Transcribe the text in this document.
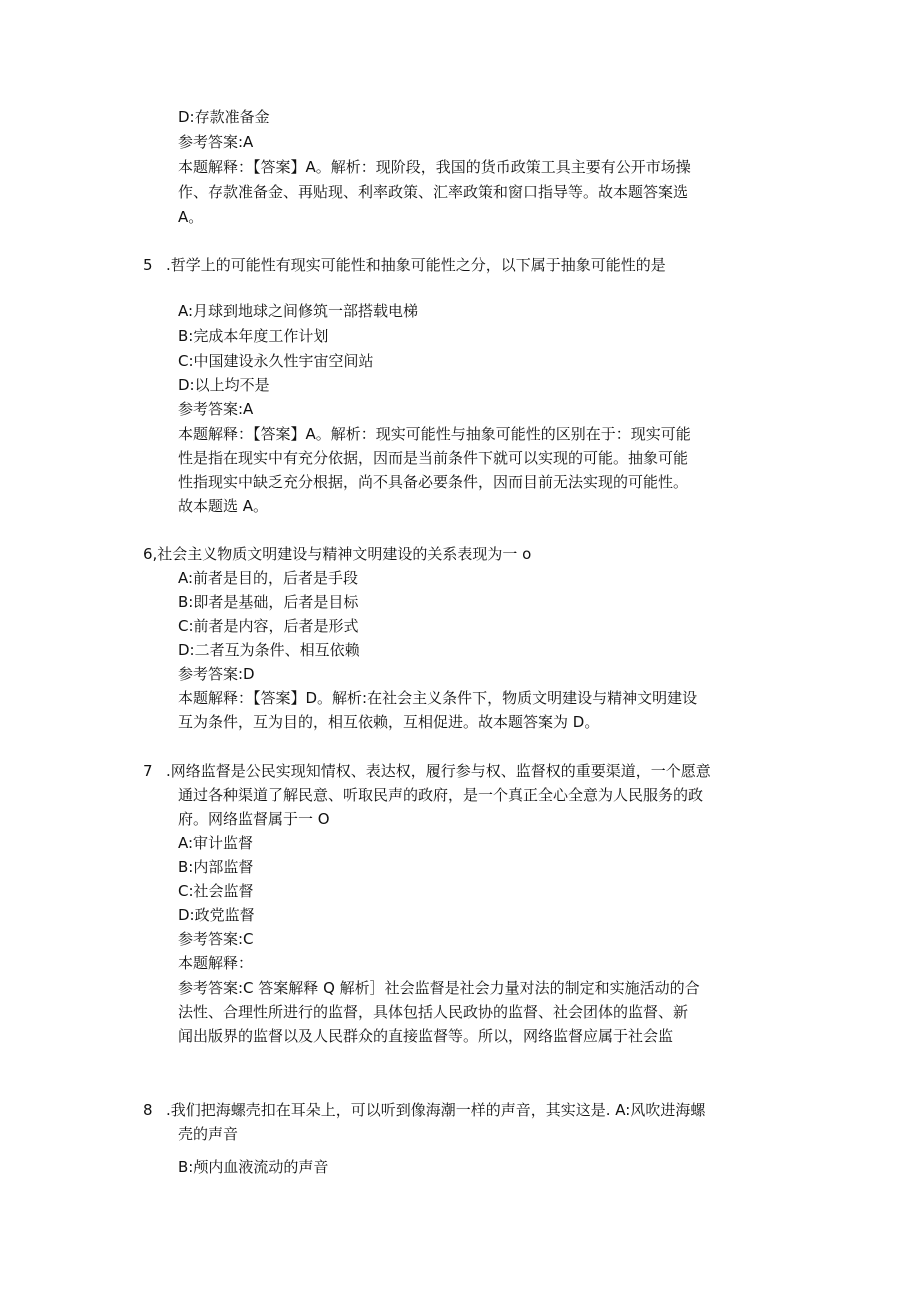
D:存款准备金
参考答案:A
本题解释：【答案】A。解析：现阶段，我国的货币政策工具主要有公开市场操
作、存款准备金、再贴现、利率政策、汇率政策和窗口指导等。故本题答案选
A。
5 .哲学上的可能性有现实可能性和抽象可能性之分，以下属于抽象可能性的是
A:月球到地球之间修筑一部搭载电梯
B:完成本年度工作计划
C:中国建设永久性宇宙空间站
D:以上均不是
参考答案:A
本题解释：【答案】A。解析：现实可能性与抽象可能性的区别在于：现实可能
性是指在现实中有充分依据，因而是当前条件下就可以实现的可能。抽象可能
性指现实中缺乏充分根据，尚不具备必要条件，因而目前无法实现的可能性。
故本题选 A。
6,社会主义物质文明建设与精神文明建设的关系表现为一 o
A:前者是目的，后者是手段
B:即者是基础，后者是目标
C:前者是内容，后者是形式
D:二者互为条件、相互依赖
参考答案:D
本题解释：【答案】D。解析:在社会主义条件下，物质文明建设与精神文明建设
互为条件，互为目的，相互依赖，互相促进。故本题答案为 D。
7 .网络监督是公民实现知情权、表达权，履行参与权、监督权的重要渠道，一个愿意
通过各种渠道了解民意、听取民声的政府，是一个真正全心全意为人民服务的政
府。网络监督属于一 O
A:审计监督
B:内部监督
C:社会监督
D:政党监督
参考答案:C
本题解释：
参考答案:C 答案解释 Q 解析］社会监督是社会力量对法的制定和实施活动的合
法性、合理性所进行的监督，具体包括人民政协的监督、社会团体的监督、新
闻出版界的监督以及人民群众的直接监督等。所以，网络监督应属于社会监
8 .我们把海螺壳扣在耳朵上，可以听到像海潮一样的声音，其实这是. A:风吹进海螺
壳的声音
B:颅内血液流动的声音
